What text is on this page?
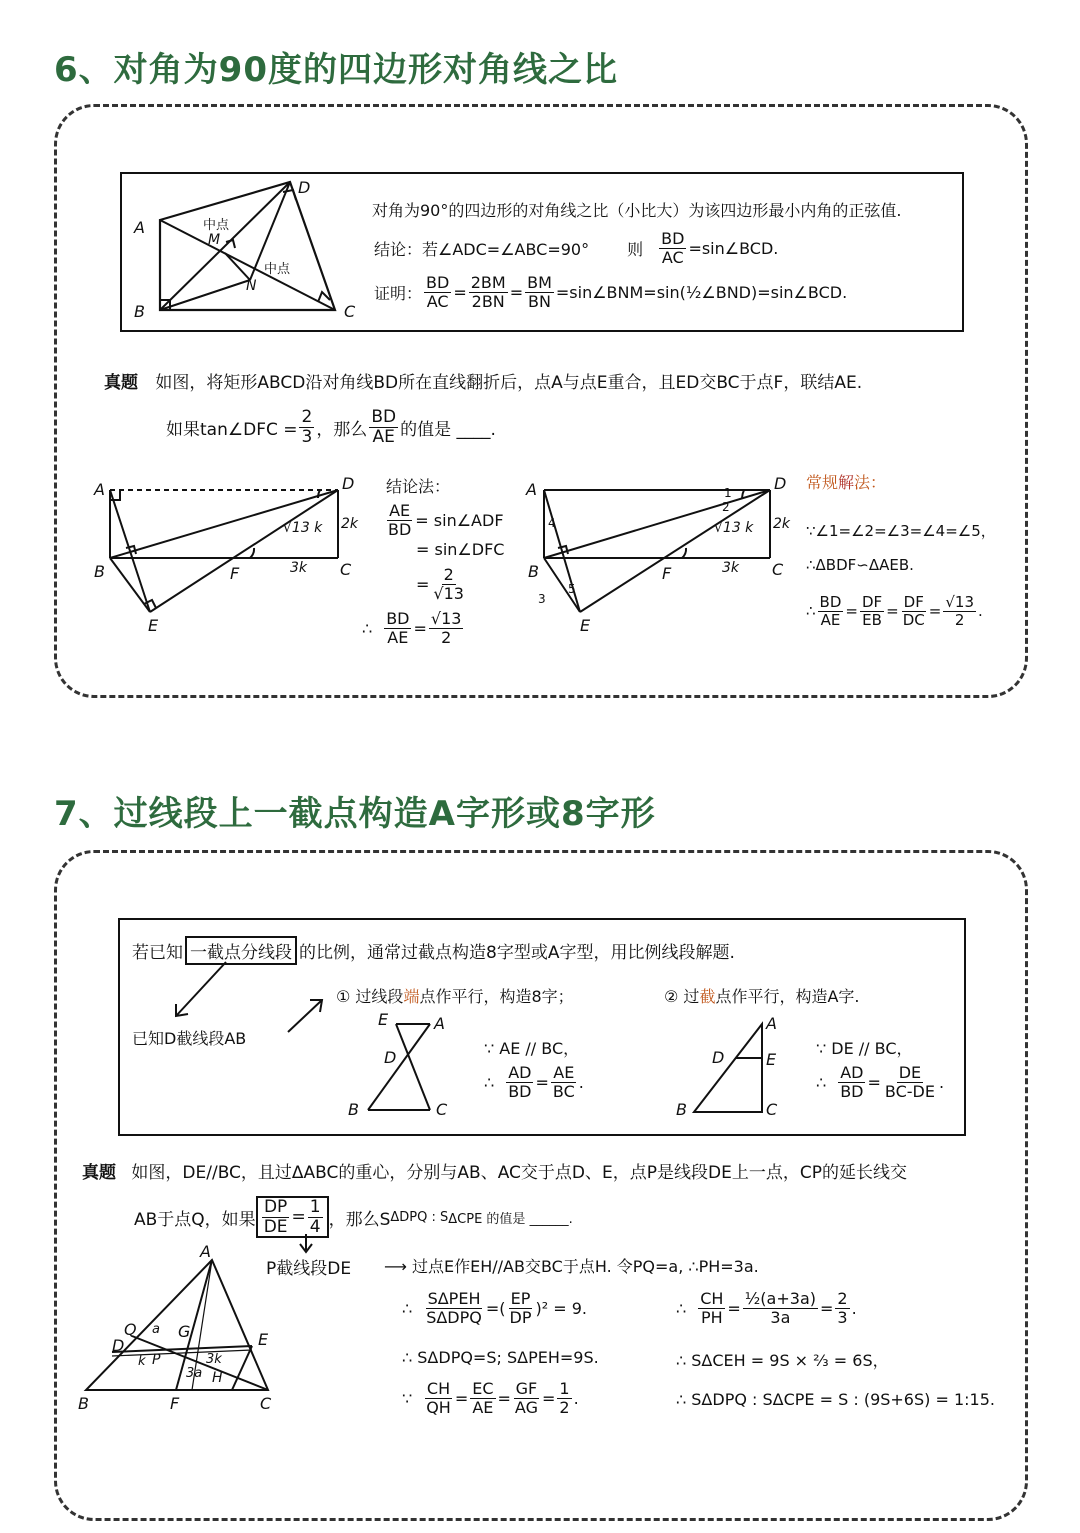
6、对角为90度的四边形对角线之比
A
B	C
D
M
N
中点
中点
对角为90°的四边形的对角线之比（小比大）为该四边形最小内角的正弦值.
结论：若∠ADC=∠ABC=90° 则 $\frac{BD}{AC}$ =sin∠BCD.
证明： $\frac{BD}{AC} = \frac{2BM}{2BN} = \frac{BM}{BN}$ =sin∠BNM=sin(½∠BND)=sin∠BCD.
真题 如图，将矩形ABCD沿对角线BD所在直线翻折后，点A与点E重合，且ED交BC于点F，联结AE.
如果tan∠DFC = $\frac{2}{3}$ ，那么 $\frac{BD}{AE}$ 的值是 ____.
A
B	C
D
E
F
√13 k 2k
3k
结论法：
$\frac{AE}{BD}$ = sin∠ADF
= sin∠DFC
= $\frac{2}{√13}$
∴ $\frac{BD}{AE} = \frac{√13}{2}$
A
B	C
D
E
F
√13 k 2k
3k
1
2
3
4
5
常规解法：
∵∠1=∠2=∠3=∠4=∠5，
∴ΔBDF∽ΔAEB.
∴ $\frac{BD}{AE} = \frac{DF}{EB} = \frac{DF}{DC} = \frac{√13}{2}$ .
7、过线段上一截点构造A字形或8字形
若已知 一截点分线段 的比例，通常过截点构造8字型或A字型，用比例线段解题.
已知D截线段AB
① 过线段端点作平行，构造8字；	② 过截点作平行，构造A字.
E	A
D
B	C
∵ AE // BC，
∴ $\frac{AD}{BD} = \frac{AE}{BC}$ .
A
D	E
B	C
∵ DE // BC，
∴ $\frac{AD}{BD} = \frac{DE}{BC-DE}$ .
真题 如图，DE//BC，且过ΔABC的重心，分别与AB、AC交于点D、E，点P是线段DE上一点，CP的延长线交
AB于点Q，如果 $\frac{DP}{DE} = \frac{1}{4}$ ，那么S ΔDPQ : S ΔCPE 的值是 ______.
P截线段DE ⟶ 过点E作EH//AB交BC于点H. 令PQ=a, ∴PH=3a.
A
B	C
D	E
F
G
H
P
Q a
k	3k
3a
∴ $\frac{\text{SΔPEH}}{\text{SΔDPQ}}$ =( $\frac{EP}{DP} )^2 = 9$.
∴ SΔDPQ=S; SΔPEH=9S.
∵ $\frac{CH}{QH} = \frac{EC}{AE} = \frac{GF}{AG} = \frac{1}{2}$ .
∴ $\frac{CH}{PH} = \frac{\text{½(a+3a)}}{3a} = \frac{2}{3}$ .
∴ SΔCEH = 9S × ⅔ = 6S，
∴ SΔDPQ : SΔCPE = S : (9S+6S) = 1:15.
